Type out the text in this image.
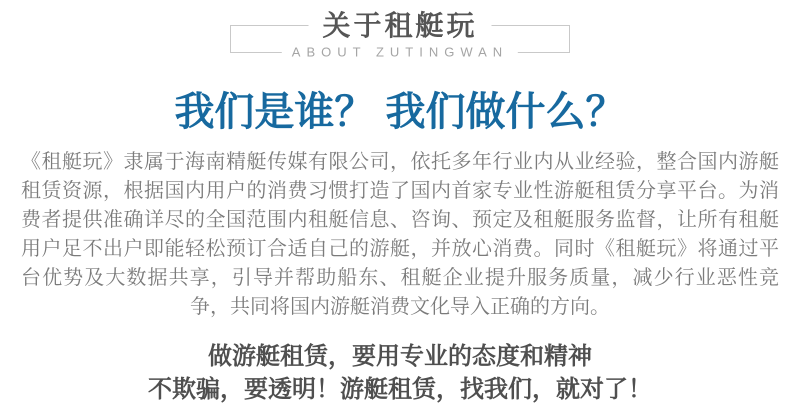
关于租艇玩
ABOUT ZUTINGWAN
我们是谁？ 我们做什么？

《租艇玩》隶属于海南精艇传媒有限公司，依托多年行业内从业经验，整合国内游艇租赁资源，根据国内用户的消费习惯打造了国内首家专业性游艇租赁分享平台。为消费者提供准确详尽的全国范围内租艇信息、咨询、预定及租艇服务监督，让所有租艇用户足不出户即能轻松预订合适自己的游艇，并放心消费。同时《租艇玩》将通过平台优势及大数据共享，引导并帮助船东、租艇企业提升服务质量，减少行业恶性竞争，共同将国内游艇消费文化导入正确的方向。

做游艇租赁，要用专业的态度和精神
不欺骗，要透明！游艇租赁，找我们，就对了！
